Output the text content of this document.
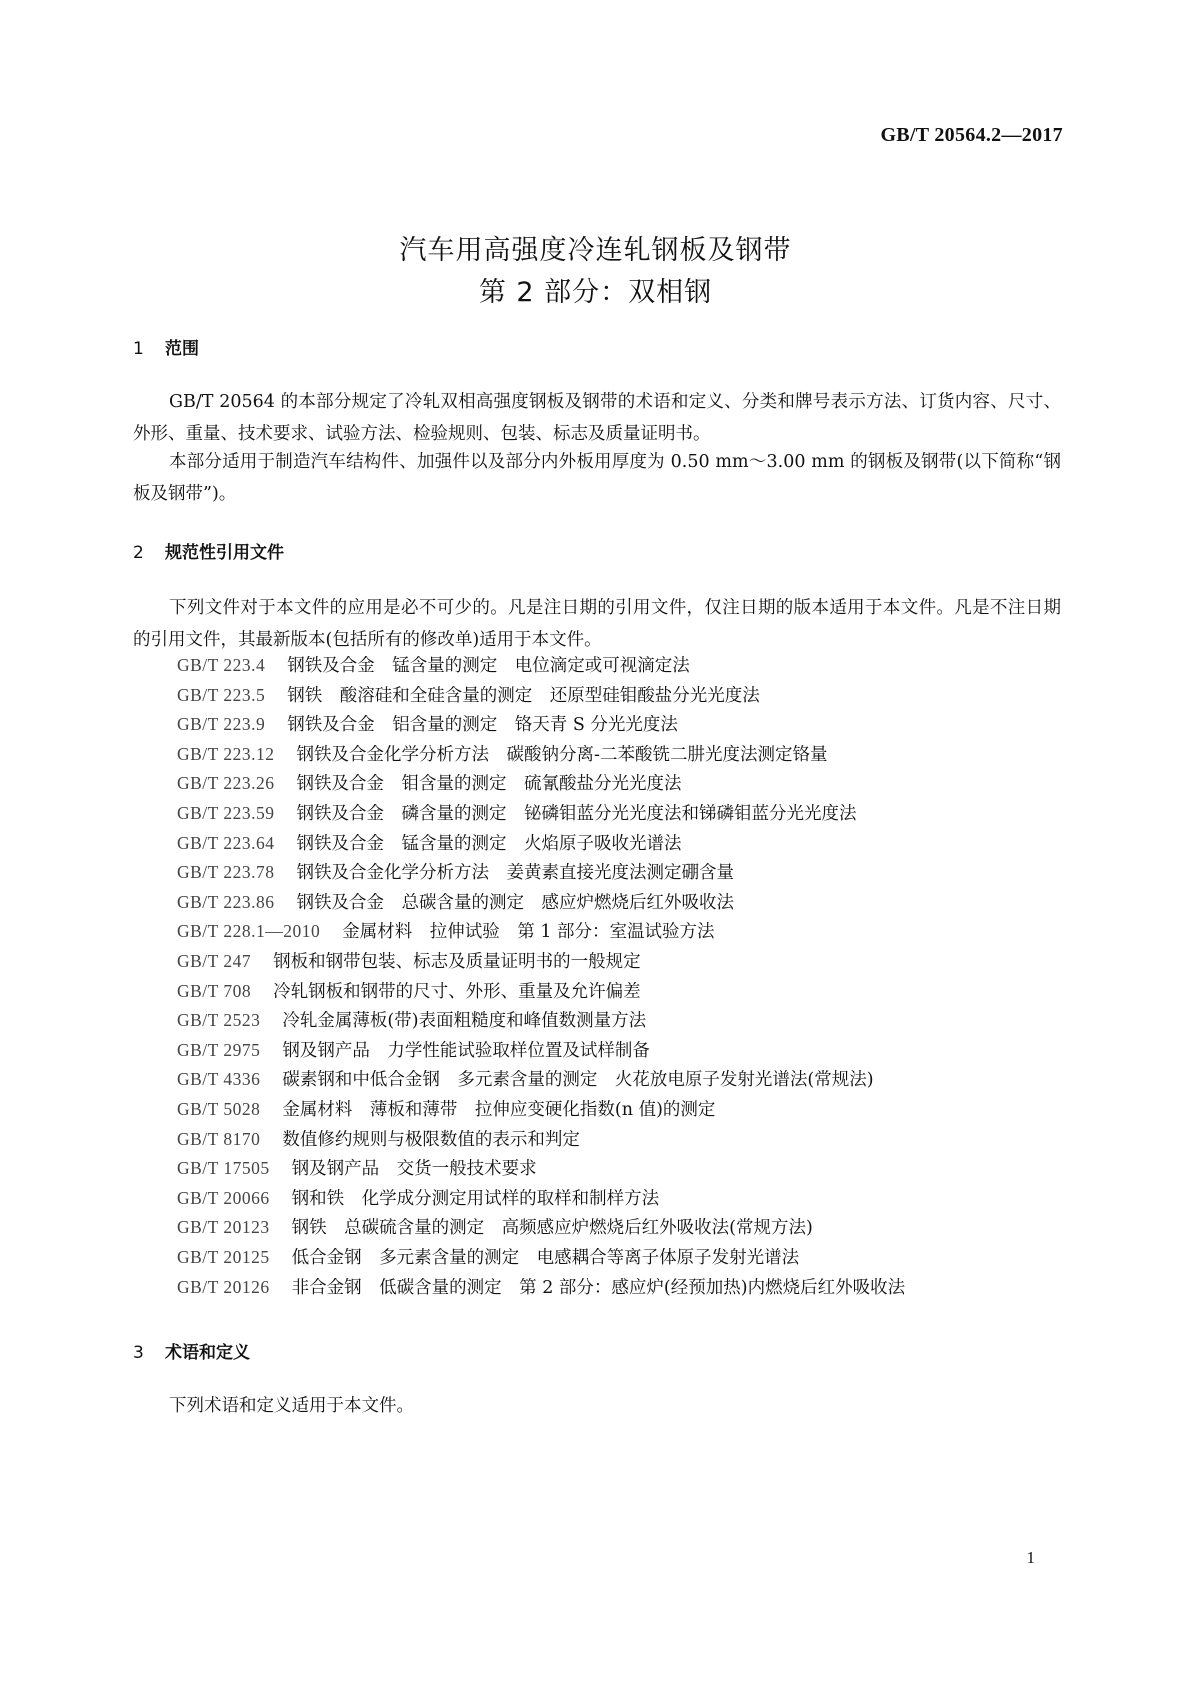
GB/T 20564.2—2017
汽车用高强度冷连轧钢板及钢带
第 2 部分：双相钢
1 范围
GB/T 20564 的本部分规定了冷轧双相高强度钢板及钢带的术语和定义、分类和牌号表示方法、订货内容、尺寸、外形、重量、技术要求、试验方法、检验规则、包装、标志及质量证明书。
本部分适用于制造汽车结构件、加强件以及部分内外板用厚度为 0.50 mm～3.00 mm 的钢板及钢带(以下简称“钢板及钢带”)。
2 规范性引用文件
下列文件对于本文件的应用是必不可少的。凡是注日期的引用文件，仅注日期的版本适用于本文件。凡是不注日期的引用文件，其最新版本(包括所有的修改单)适用于本文件。
GB/T 223.4 钢铁及合金　锰含量的测定　电位滴定或可视滴定法
GB/T 223.5 钢铁　酸溶硅和全硅含量的测定　还原型硅钼酸盐分光光度法
GB/T 223.9 钢铁及合金　铝含量的测定　铬天青 S 分光光度法
GB/T 223.12 钢铁及合金化学分析方法　碳酸钠分离-二苯酸铣二肼光度法测定铬量
GB/T 223.26 钢铁及合金　钼含量的测定　硫氰酸盐分光光度法
GB/T 223.59 钢铁及合金　磷含量的测定　铋磷钼蓝分光光度法和锑磷钼蓝分光光度法
GB/T 223.64 钢铁及合金　锰含量的测定　火焰原子吸收光谱法
GB/T 223.78 钢铁及合金化学分析方法　姜黄素直接光度法测定硼含量
GB/T 223.86 钢铁及合金　总碳含量的测定　感应炉燃烧后红外吸收法
GB/T 228.1—2010 金属材料　拉伸试验　第 1 部分：室温试验方法
GB/T 247 钢板和钢带包装、标志及质量证明书的一般规定
GB/T 708 冷轧钢板和钢带的尺寸、外形、重量及允许偏差
GB/T 2523 冷轧金属薄板(带)表面粗糙度和峰值数测量方法
GB/T 2975 钢及钢产品　力学性能试验取样位置及试样制备
GB/T 4336 碳素钢和中低合金钢　多元素含量的测定　火花放电原子发射光谱法(常规法)
GB/T 5028 金属材料　薄板和薄带　拉伸应变硬化指数(n 值)的测定
GB/T 8170 数值修约规则与极限数值的表示和判定
GB/T 17505 钢及钢产品　交货一般技术要求
GB/T 20066 钢和铁　化学成分测定用试样的取样和制样方法
GB/T 20123 钢铁　总碳硫含量的测定　高频感应炉燃烧后红外吸收法(常规方法)
GB/T 20125 低合金钢　多元素含量的测定　电感耦合等离子体原子发射光谱法
GB/T 20126 非合金钢　低碳含量的测定　第 2 部分：感应炉(经预加热)内燃烧后红外吸收法
3 术语和定义
下列术语和定义适用于本文件。
1
